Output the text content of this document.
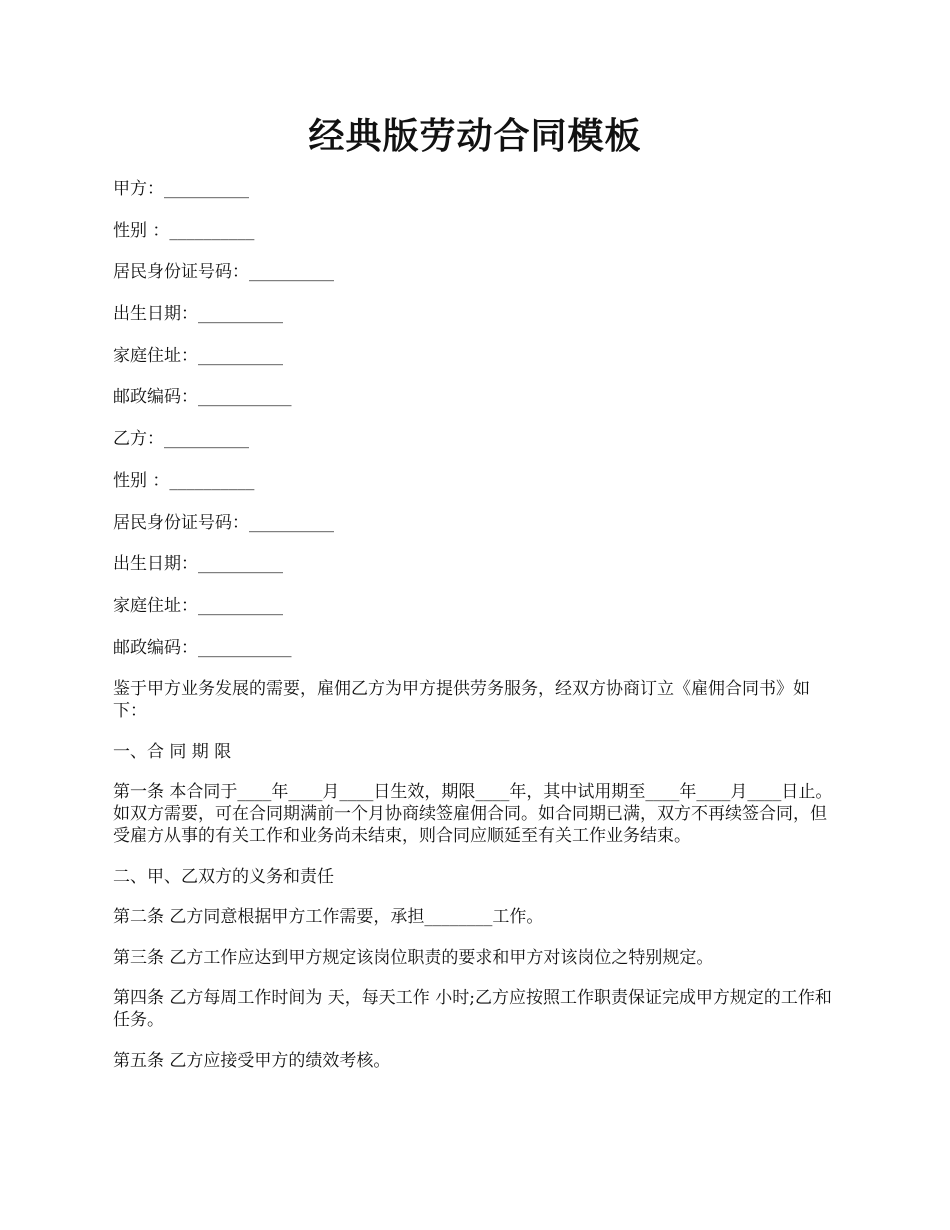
经典版劳动合同模板
甲方：__________
性别 ：__________
居民身份证号码：__________
出生日期：__________
家庭住址：__________
邮政编码：___________
乙方：__________
性别 ：__________
居民身份证号码：__________
出生日期：__________
家庭住址：__________
邮政编码：___________

鉴于甲方业务发展的需要，雇佣乙方为甲方提供劳务服务，经双方协商订立《雇佣合同书》如下：

一、合 同 期 限

第一条 本合同于____年____月____日生效，期限____年，其中试用期至____年____月____日止。如双方需要，可在合同期满前一个月协商续签雇佣合同。如合同期已满，双方不再续签合同，但受雇方从事的有关工作和业务尚未结束，则合同应顺延至有关工作业务结束。

二、甲、乙双方的义务和责任

第二条 乙方同意根据甲方工作需要，承担________工作。

第三条 乙方工作应达到甲方规定该岗位职责的要求和甲方对该岗位之特别规定。

第四条 乙方每周工作时间为 天，每天工作 小时;乙方应按照工作职责保证完成甲方规定的工作和任务。

第五条 乙方应接受甲方的绩效考核。
